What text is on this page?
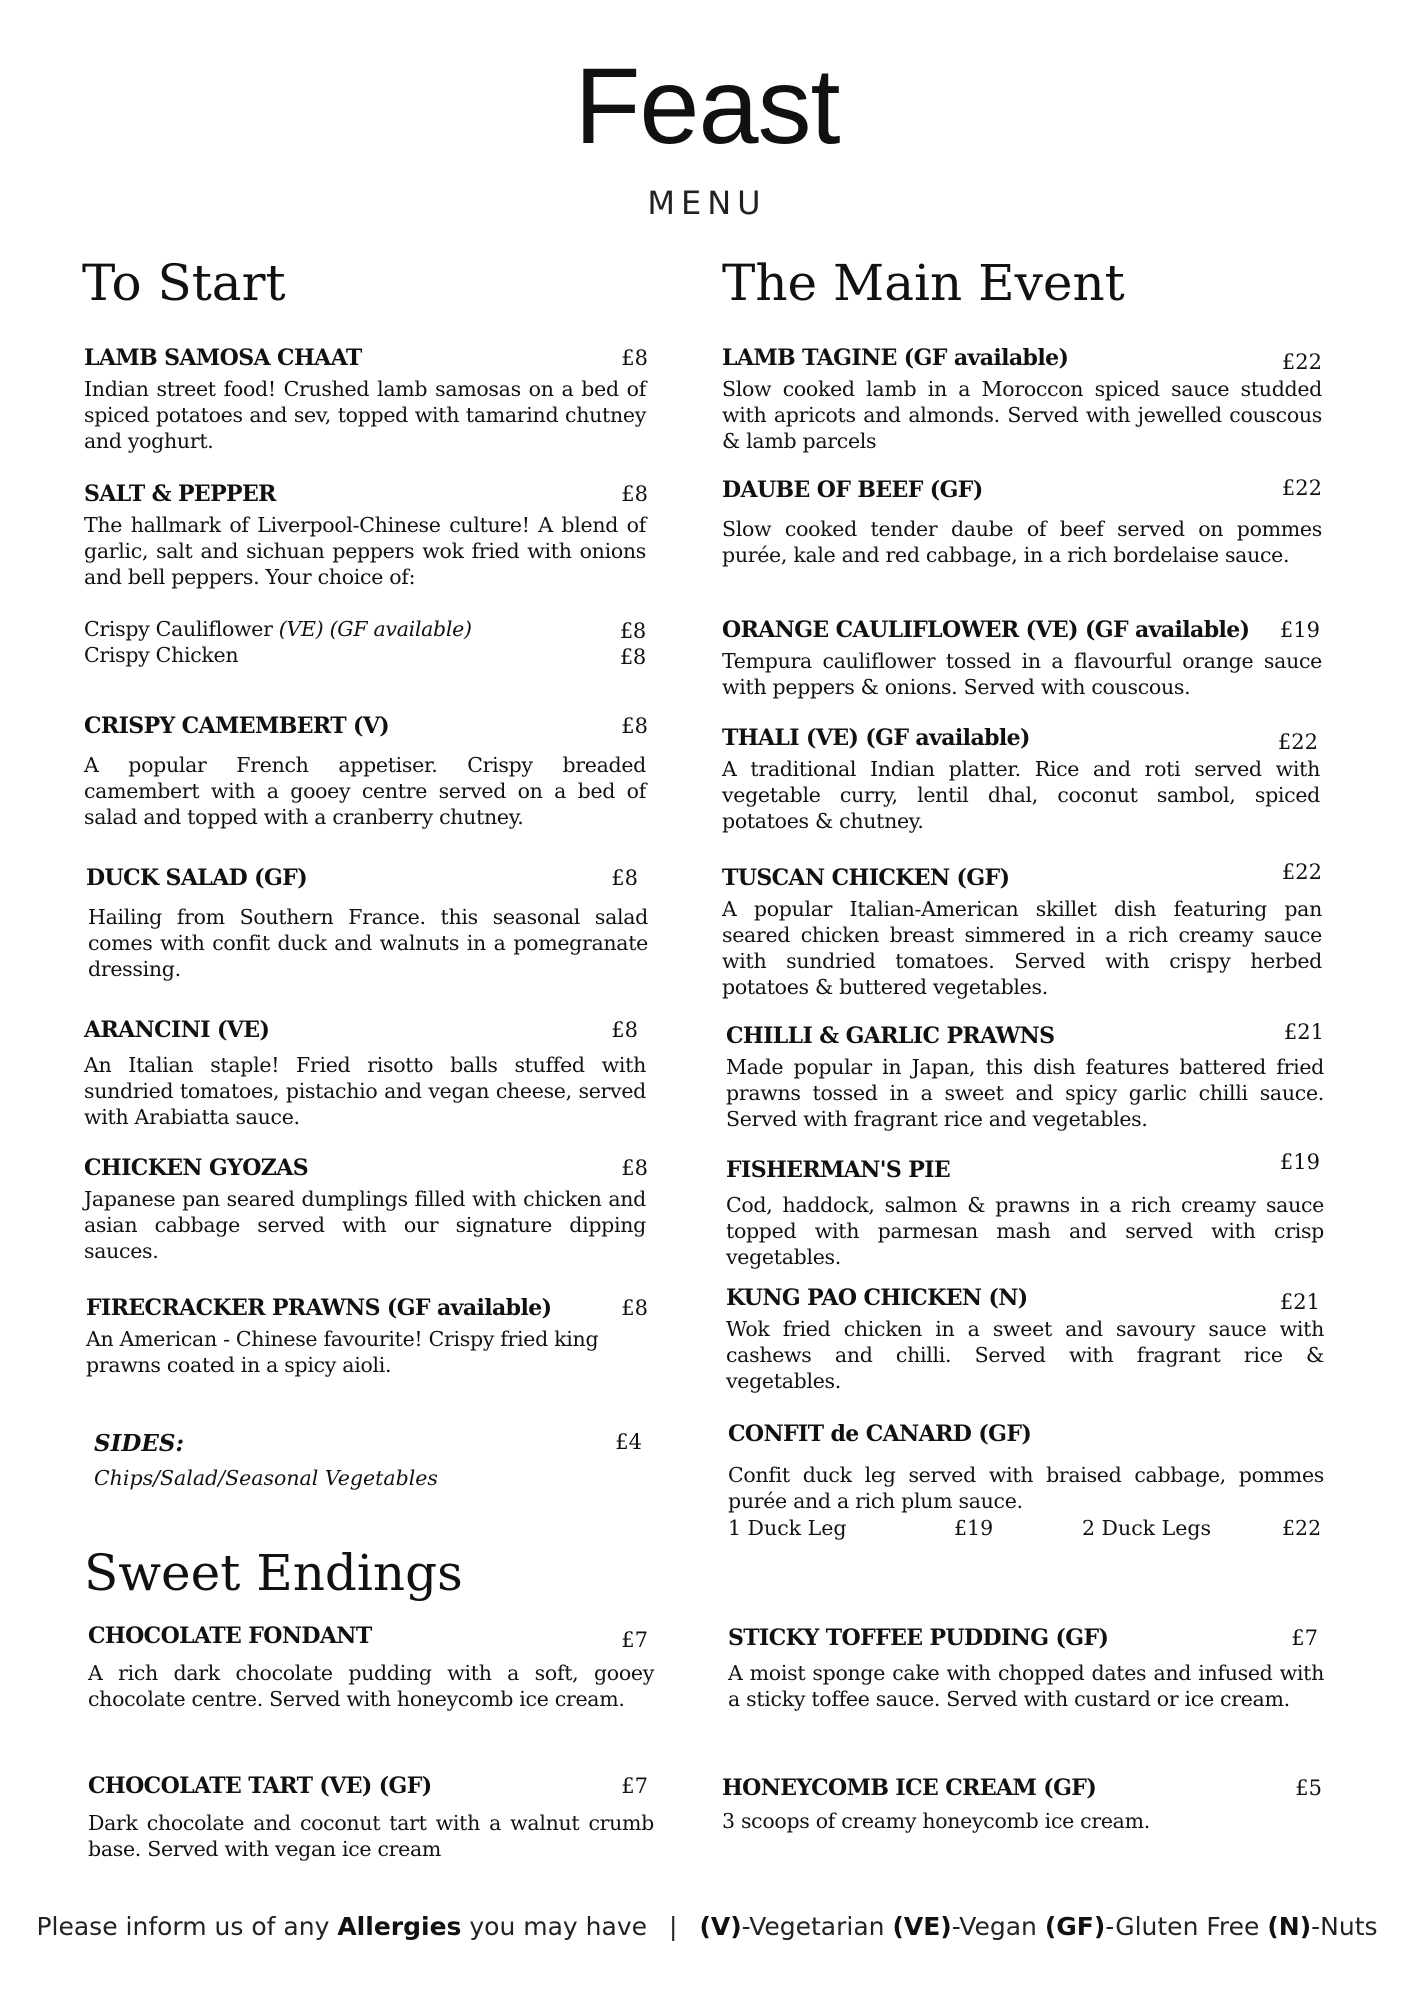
Feast
MENU
To Start
LAMB SAMOSA CHAAT	£8
Indian street food! Crushed lamb samosas on a bed of spiced potatoes and sev, topped with tamarind chutney and yoghurt.
SALT & PEPPER	£8
The hallmark of Liverpool-Chinese culture! A blend of garlic, salt and sichuan peppers wok fried with onions and bell peppers. Your choice of:
Crispy Cauliflower (VE) (GF available)	£8
Crispy Chicken	£8
CRISPY CAMEMBERT (V)	£8
A popular French appetiser. Crispy breaded camembert with a gooey centre served on a bed of salad and topped with a cranberry chutney.
DUCK SALAD (GF)	£8
Hailing from Southern France. this seasonal salad comes with confit duck and walnuts in a pomegranate dressing.
ARANCINI (VE)	£8
An Italian staple! Fried risotto balls stuffed with sundried tomatoes, pistachio and vegan cheese, served with Arabiatta sauce.
CHICKEN GYOZAS	£8
Japanese pan seared dumplings filled with chicken and asian cabbage served with our signature dipping sauces.
FIRECRACKER PRAWNS (GF available)	£8
An American - Chinese favourite! Crispy fried king prawns coated in a spicy aioli.
SIDES:	£4
Chips/Salad/Seasonal Vegetables
The Main Event
LAMB TAGINE (GF available)	£22
Slow cooked lamb in a Moroccon spiced sauce studded with apricots and almonds. Served with jewelled couscous & lamb parcels
DAUBE OF BEEF (GF)	£22
Slow cooked tender daube of beef served on pommes purée, kale and red cabbage, in a rich bordelaise sauce.
ORANGE CAULIFLOWER (VE) (GF available) £19
Tempura cauliflower tossed in a flavourful orange sauce with peppers & onions. Served with couscous.
THALI (VE) (GF available)	£22
A traditional Indian platter. Rice and roti served with vegetable curry, lentil dhal, coconut sambol, spiced potatoes & chutney.
TUSCAN CHICKEN (GF)	£22
A popular Italian-American skillet dish featuring pan seared chicken breast simmered in a rich creamy sauce with sundried tomatoes. Served with crispy herbed potatoes & buttered vegetables.
CHILLI & GARLIC PRAWNS	£21
Made popular in Japan, this dish features battered fried prawns tossed in a sweet and spicy garlic chilli sauce. Served with fragrant rice and vegetables.
FISHERMAN'S PIE	£19
Cod, haddock, salmon & prawns in a rich creamy sauce topped with parmesan mash and served with crisp vegetables.
KUNG PAO CHICKEN (N)	£21
Wok fried chicken in a sweet and savoury sauce with cashews and chilli. Served with fragrant rice & vegetables.
CONFIT de CANARD (GF)
Confit duck leg served with braised cabbage, pommes purée and a rich plum sauce.
1 Duck Leg	£19	2 Duck Legs	£22
Sweet Endings
CHOCOLATE FONDANT	£7
A rich dark chocolate pudding with a soft, gooey chocolate centre. Served with honeycomb ice cream.
CHOCOLATE TART (VE) (GF)	£7
Dark chocolate and coconut tart with a walnut crumb base. Served with vegan ice cream
STICKY TOFFEE PUDDING (GF)	£7
A moist sponge cake with chopped dates and infused with a sticky toffee sauce. Served with custard or ice cream.
HONEYCOMB ICE CREAM (GF)	£5
3 scoops of creamy honeycomb ice cream.
Please inform us of any Allergies you may have | (V)-Vegetarian (VE)-Vegan (GF)-Gluten Free (N)-Nuts
